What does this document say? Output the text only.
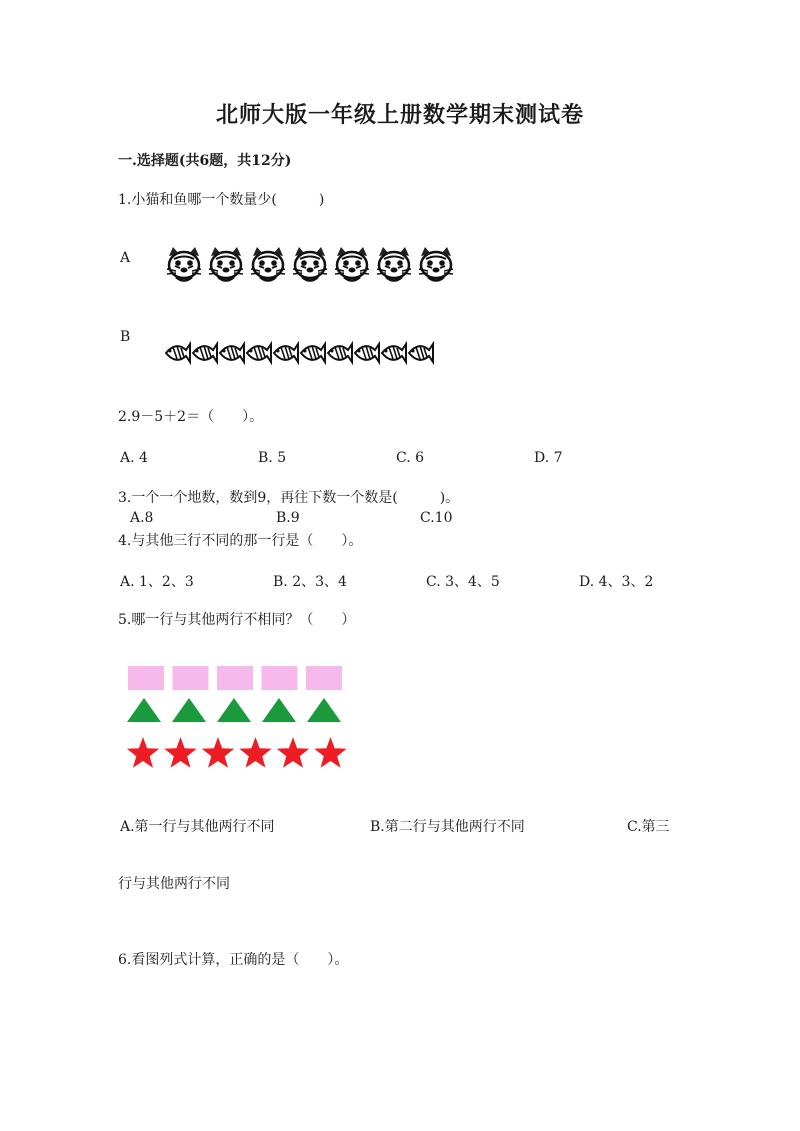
北师大版一年级上册数学期末测试卷
一.选择题(共6题，共12分)
1.小猫和鱼哪一个数量少(　　　)
A
B
2.9－5＋2＝（　　）。
A. 4	B. 5	C. 6	D. 7
3.一个一个地数，数到9，再往下数一个数是(　　　)。
A.8	B.9	C.10
4.与其他三行不同的那一行是（　　）。
A. 1、2、3	B. 2、3、4	C. 3、4、5	D. 4、3、2
5.哪一行与其他两行不相同？（　　）
A.第一行与其他两行不同	B.第二行与其他两行不同	C.第三
行与其他两行不同
6.看图列式计算，正确的是（　　）。
